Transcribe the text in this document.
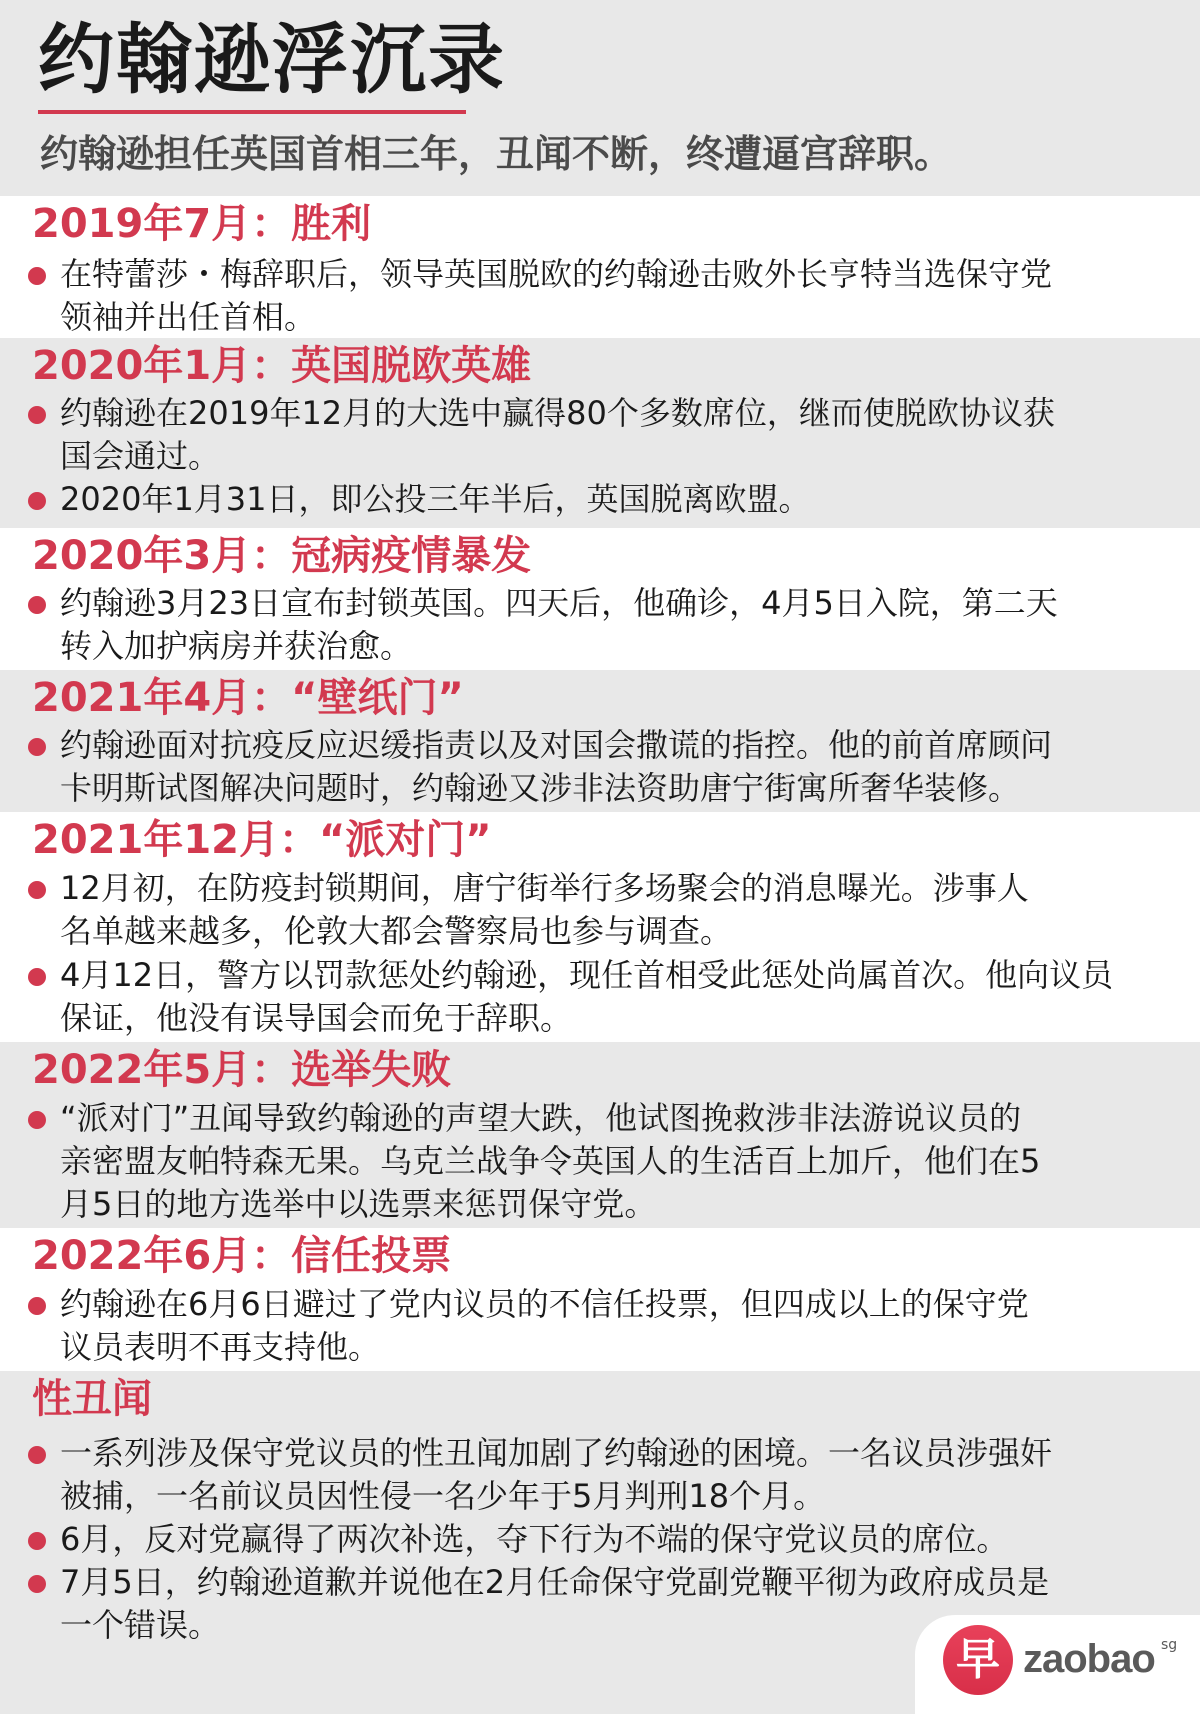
约翰逊浮沉录
约翰逊担任英国首相三年，丑闻不断，终遭逼宫辞职。
2019年7月：胜利
在特蕾莎・梅辞职后，领导英国脱欧的约翰逊击败外长亨特当选保守党
领袖并出任首相。
2020年1月：英国脱欧英雄
约翰逊在2019年12月的大选中赢得80个多数席位，继而使脱欧协议获
国会通过。
2020年1月31日，即公投三年半后，英国脱离欧盟。
2020年3月：冠病疫情暴发
约翰逊3月23日宣布封锁英国。四天后，他确诊，4月5日入院，第二天
转入加护病房并获治愈。
2021年4月：“壁纸门”
约翰逊面对抗疫反应迟缓指责以及对国会撒谎的指控。他的前首席顾问
卡明斯试图解决问题时，约翰逊又涉非法资助唐宁街寓所奢华装修。
2021年12月：“派对门”
12月初，在防疫封锁期间，唐宁街举行多场聚会的消息曝光。涉事人
名单越来越多，伦敦大都会警察局也参与调查。
4月12日，警方以罚款惩处约翰逊，现任首相受此惩处尚属首次。他向议员
保证，他没有误导国会而免于辞职。
2022年5月：选举失败
“派对门”丑闻导致约翰逊的声望大跌，他试图挽救涉非法游说议员的
亲密盟友帕特森无果。乌克兰战争令英国人的生活百上加斤，他们在5
月5日的地方选举中以选票来惩罚保守党。
2022年6月：信任投票
约翰逊在6月6日避过了党内议员的不信任投票，但四成以上的保守党
议员表明不再支持他。
性丑闻
一系列涉及保守党议员的性丑闻加剧了约翰逊的困境。一名议员涉强奸
被捕，一名前议员因性侵一名少年于5月判刑18个月。
6月，反对党赢得了两次补选，夺下行为不端的保守党议员的席位。
7月5日，约翰逊道歉并说他在2月任命保守党副党鞭平彻为政府成员是
一个错误。
早 zaobao sg
